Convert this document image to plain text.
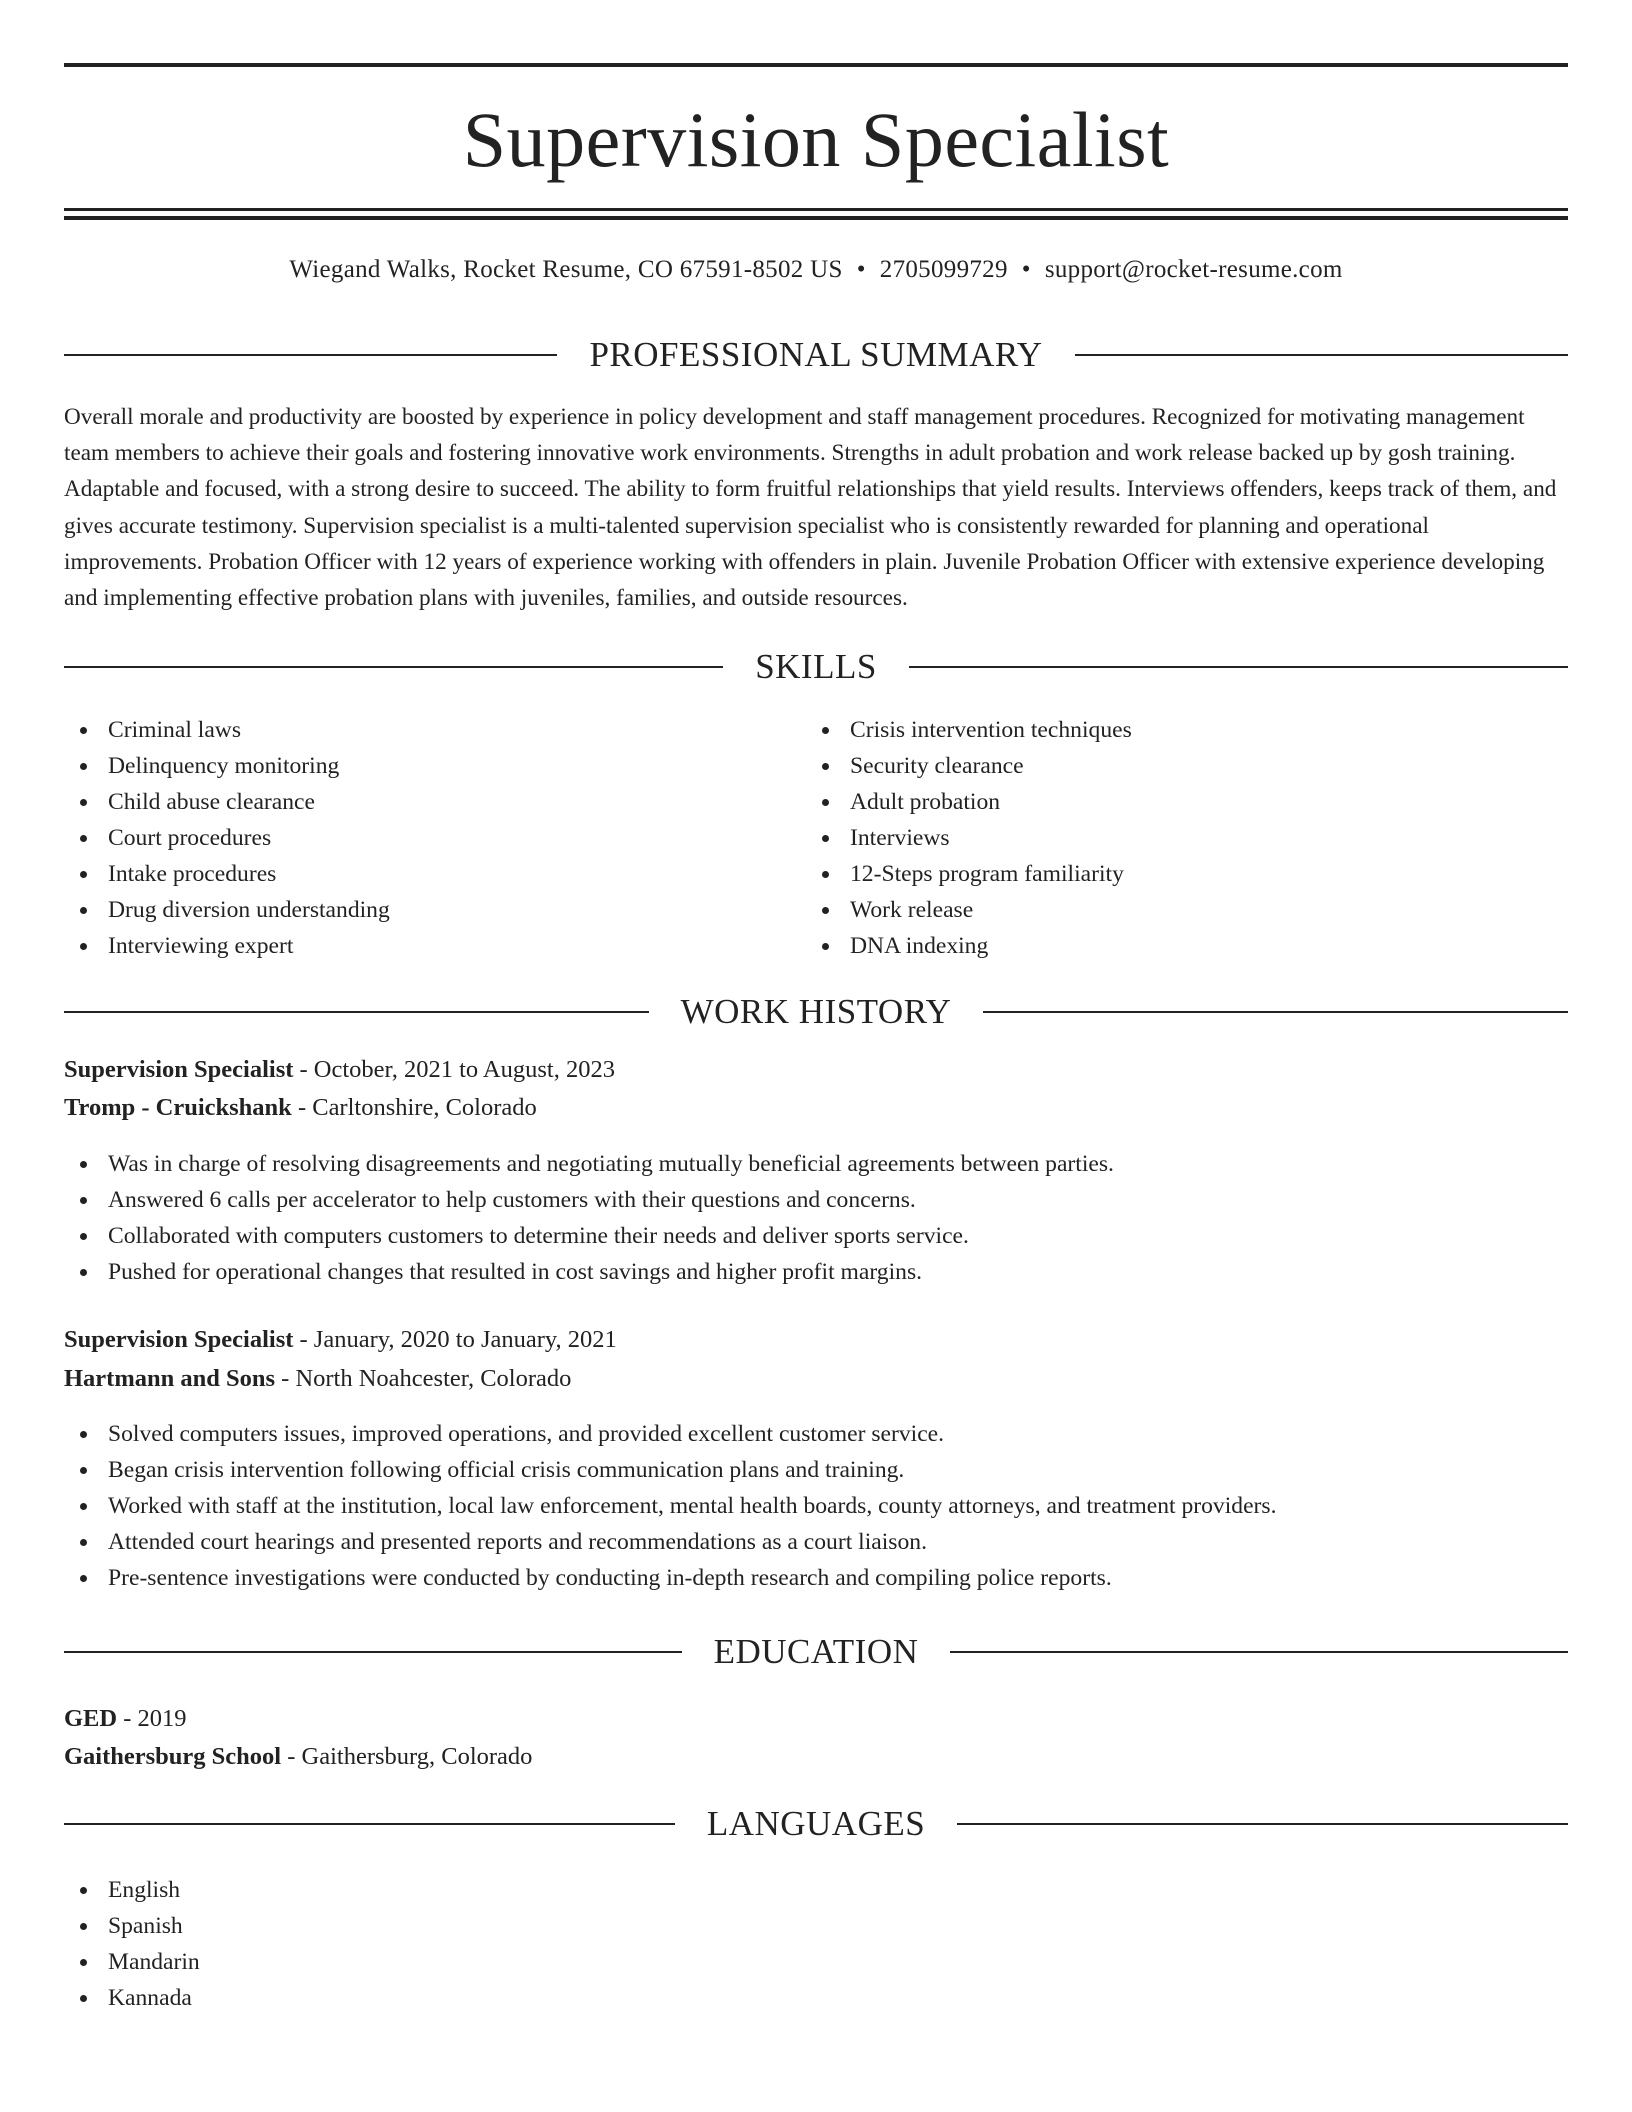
Supervision Specialist
Wiegand Walks, Rocket Resume, CO 67591-8502 US • 2705099729 • support@rocket-resume.com
PROFESSIONAL SUMMARY

Overall morale and productivity are boosted by experience in policy development and staff management procedures. Recognized for motivating management team members to achieve their goals and fostering innovative work environments. Strengths in adult probation and work release backed up by gosh training. Adaptable and focused, with a strong desire to succeed. The ability to form fruitful relationships that yield results. Interviews offenders, keeps track of them, and gives accurate testimony. Supervision specialist is a multi-talented supervision specialist who is consistently rewarded for planning and operational improvements. Probation Officer with 12 years of experience working with offenders in plain. Juvenile Probation Officer with extensive experience developing and implementing effective probation plans with juveniles, families, and outside resources.

SKILLS
Criminal laws
Delinquency monitoring
Child abuse clearance
Court procedures
Intake procedures
Drug diversion understanding
Interviewing expert
Crisis intervention techniques
Security clearance
Adult probation
Interviews
12-Steps program familiarity
Work release
DNA indexing
WORK HISTORY
Supervision Specialist - October, 2021 to August, 2023
Tromp - Cruickshank - Carltonshire, Colorado
Was in charge of resolving disagreements and negotiating mutually beneficial agreements between parties.
Answered 6 calls per accelerator to help customers with their questions and concerns.
Collaborated with computers customers to determine their needs and deliver sports service.
Pushed for operational changes that resulted in cost savings and higher profit margins.
Supervision Specialist - January, 2020 to January, 2021
Hartmann and Sons - North Noahcester, Colorado
Solved computers issues, improved operations, and provided excellent customer service.
Began crisis intervention following official crisis communication plans and training.
Worked with staff at the institution, local law enforcement, mental health boards, county attorneys, and treatment providers.
Attended court hearings and presented reports and recommendations as a court liaison.
Pre-sentence investigations were conducted by conducting in-depth research and compiling police reports.
EDUCATION
GED - 2019
Gaithersburg School - Gaithersburg, Colorado
LANGUAGES
English
Spanish
Mandarin
Kannada
